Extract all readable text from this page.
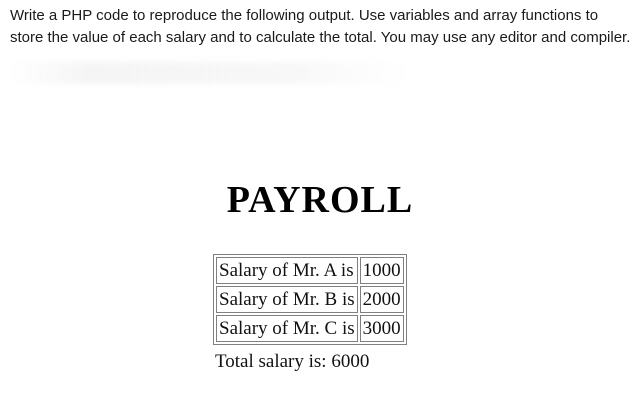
Write a PHP code to reproduce the following output. Use variables and array functions to

store the value of each salary and to calculate the total. You may use any editor and compiler.

PAYROLL
Salary of Mr. A is	1000
Salary of Mr. B is	2000
Salary of Mr. C is	3000

Total salary is: 6000
